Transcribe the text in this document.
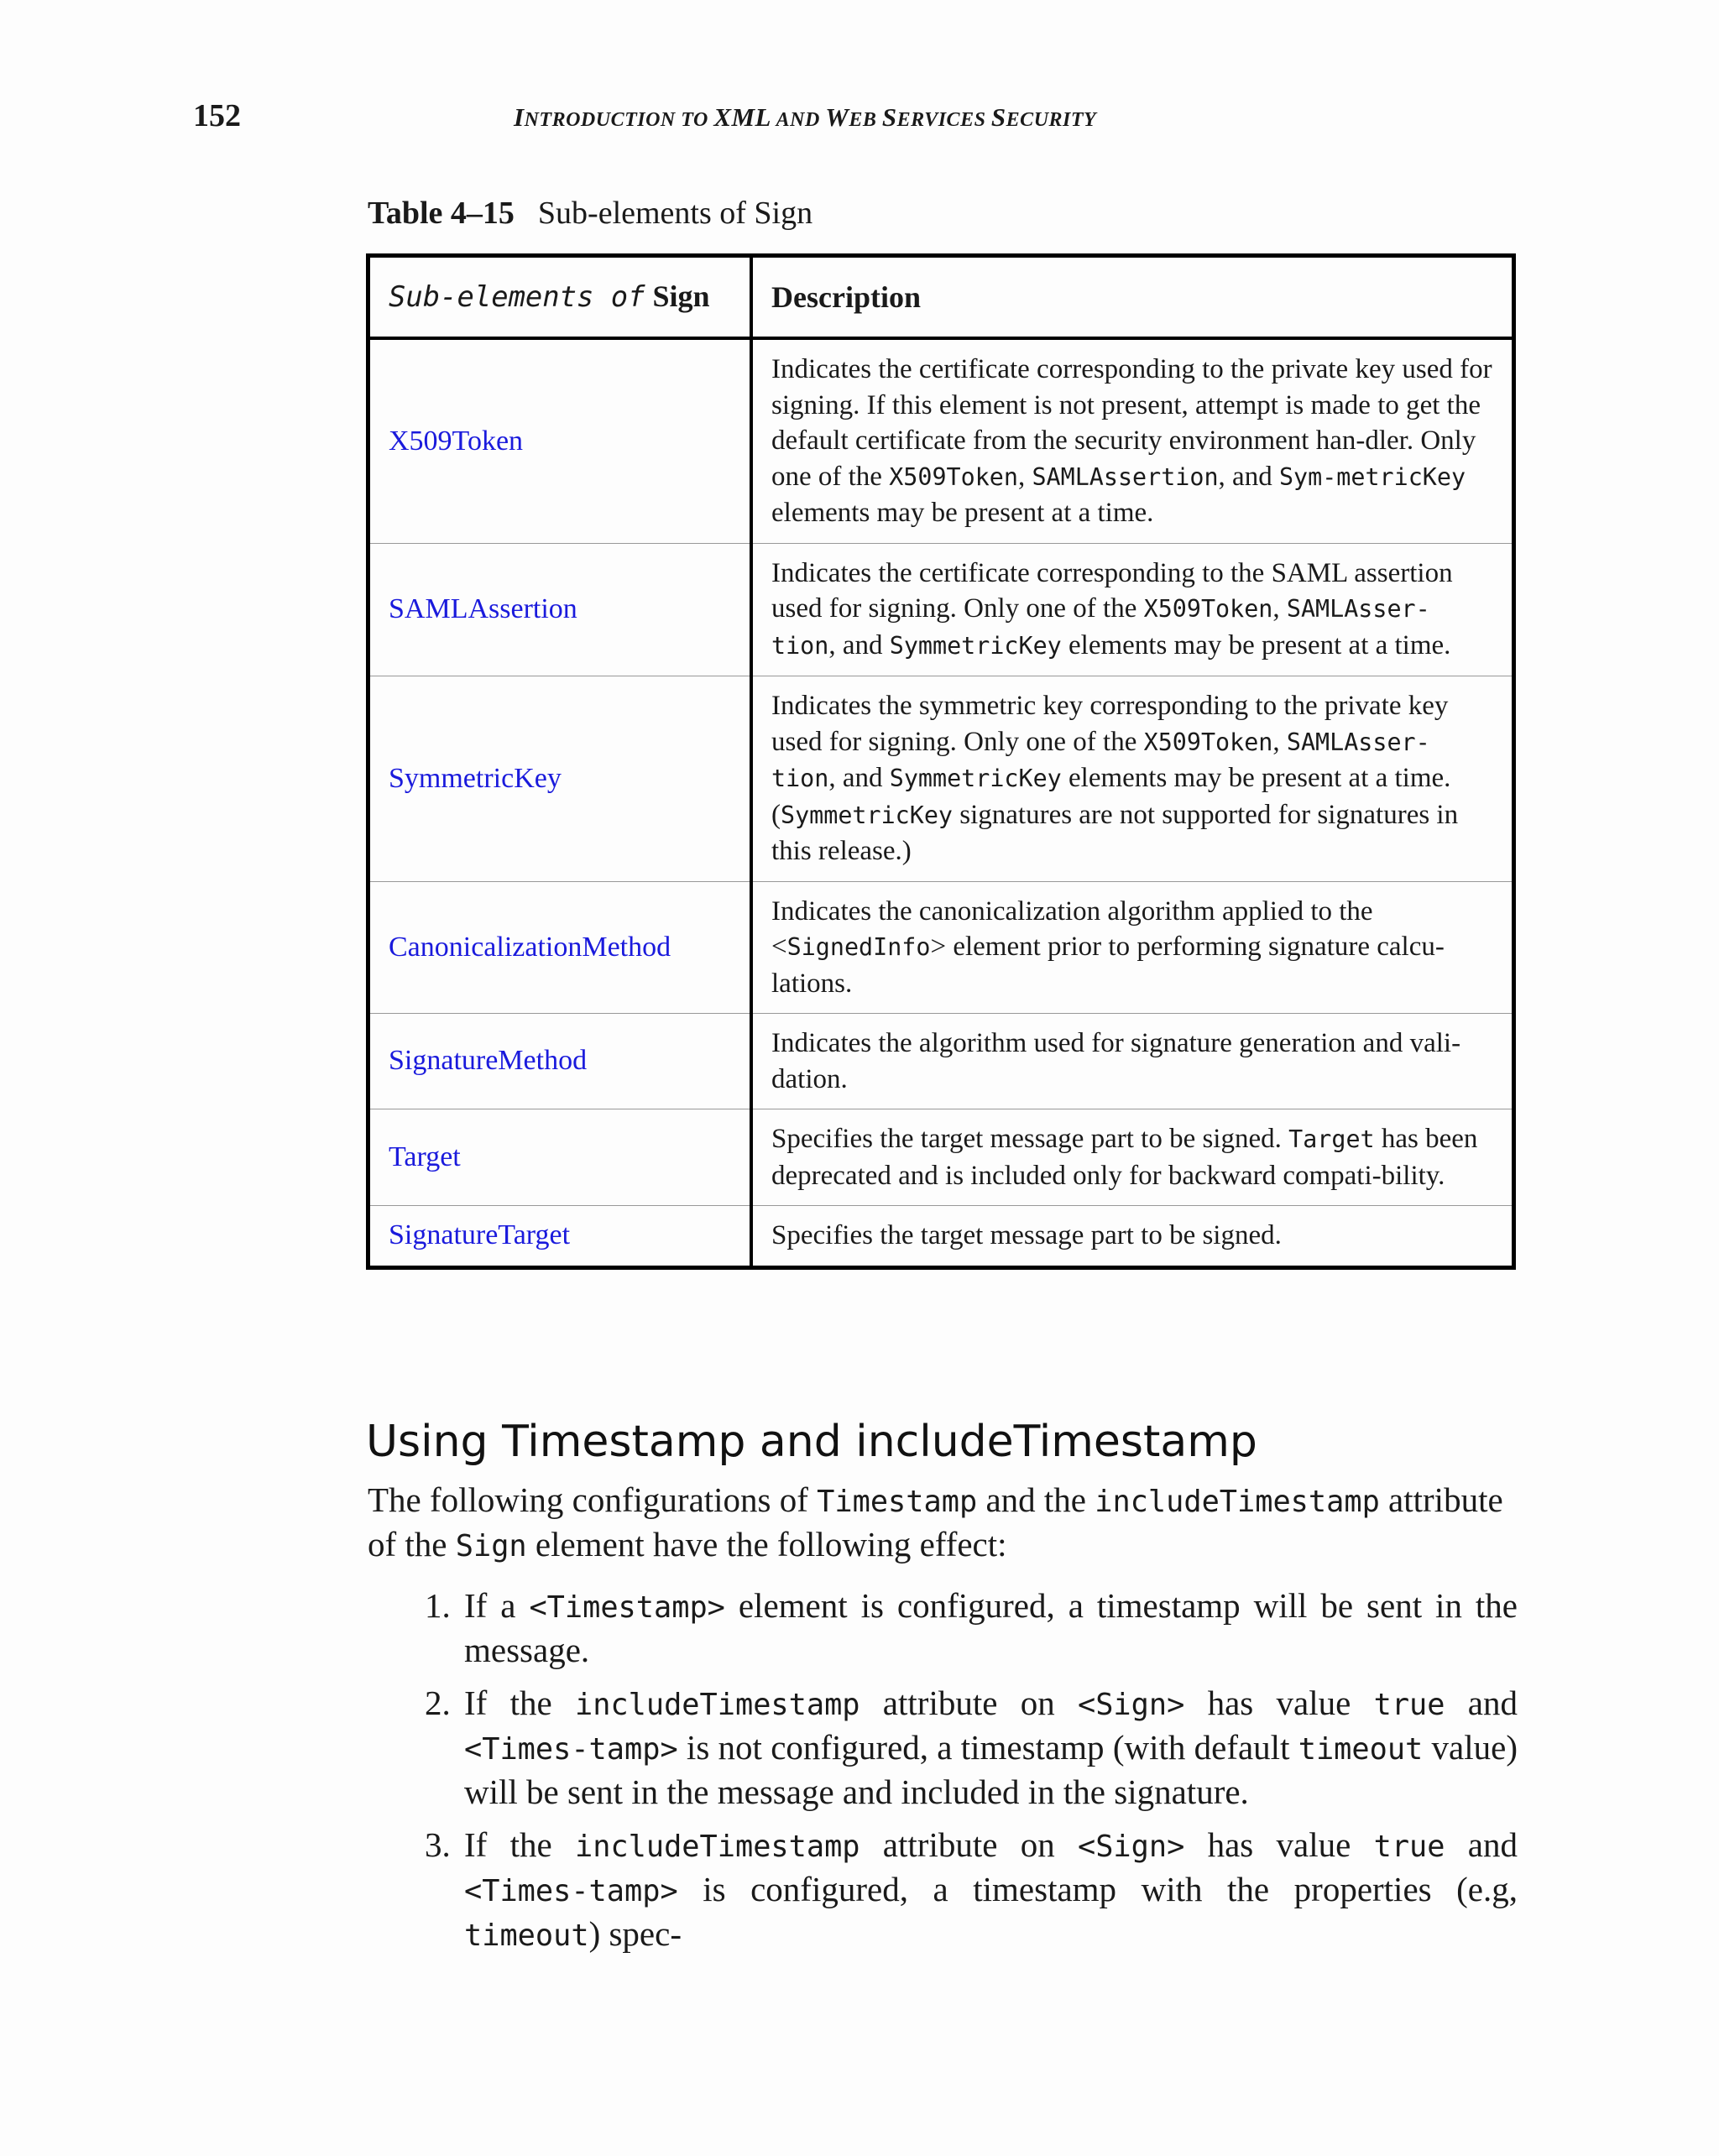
152	INTRODUCTION TO XML AND WEB SERVICES SECURITY
Table 4–15 Sub-elements of Sign
Sub-elements of Sign	Description
X509Token	Indicates the certificate corresponding to the private key used for signing. If this element is not present, attempt is made to get the default certificate from the security environment han-dler. Only one of the X509Token, SAMLAssertion, and Sym-metricKey elements may be present at a time.
SAMLAssertion	Indicates the certificate corresponding to the SAML assertion used for signing. Only one of the X509Token, SAMLAsser-tion, and SymmetricKey elements may be present at a time.
SymmetricKey	Indicates the symmetric key corresponding to the private key used for signing. Only one of the X509Token, SAMLAsser-tion, and SymmetricKey elements may be present at a time. (SymmetricKey signatures are not supported for signatures in this release.)
CanonicalizationMethod	Indicates the canonicalization algorithm applied to the <SignedInfo> element prior to performing signature calcu-lations.
SignatureMethod	Indicates the algorithm used for signature generation and vali-dation.
Target	Specifies the target message part to be signed. Target has been deprecated and is included only for backward compati-bility.
SignatureTarget	Specifies the target message part to be signed.
Using Timestamp and includeTimestamp
The following configurations of Timestamp and the includeTimestamp attribute of the Sign element have the following effect:
1. If a <Timestamp> element is configured, a timestamp will be sent in the message.
2. If the includeTimestamp attribute on <Sign> has value true and <Times-tamp> is not configured, a timestamp (with default timeout value) will be sent in the message and included in the signature.
3. If the includeTimestamp attribute on <Sign> has value true and <Times-tamp> is configured, a timestamp with the properties (e.g, timeout) spec-
